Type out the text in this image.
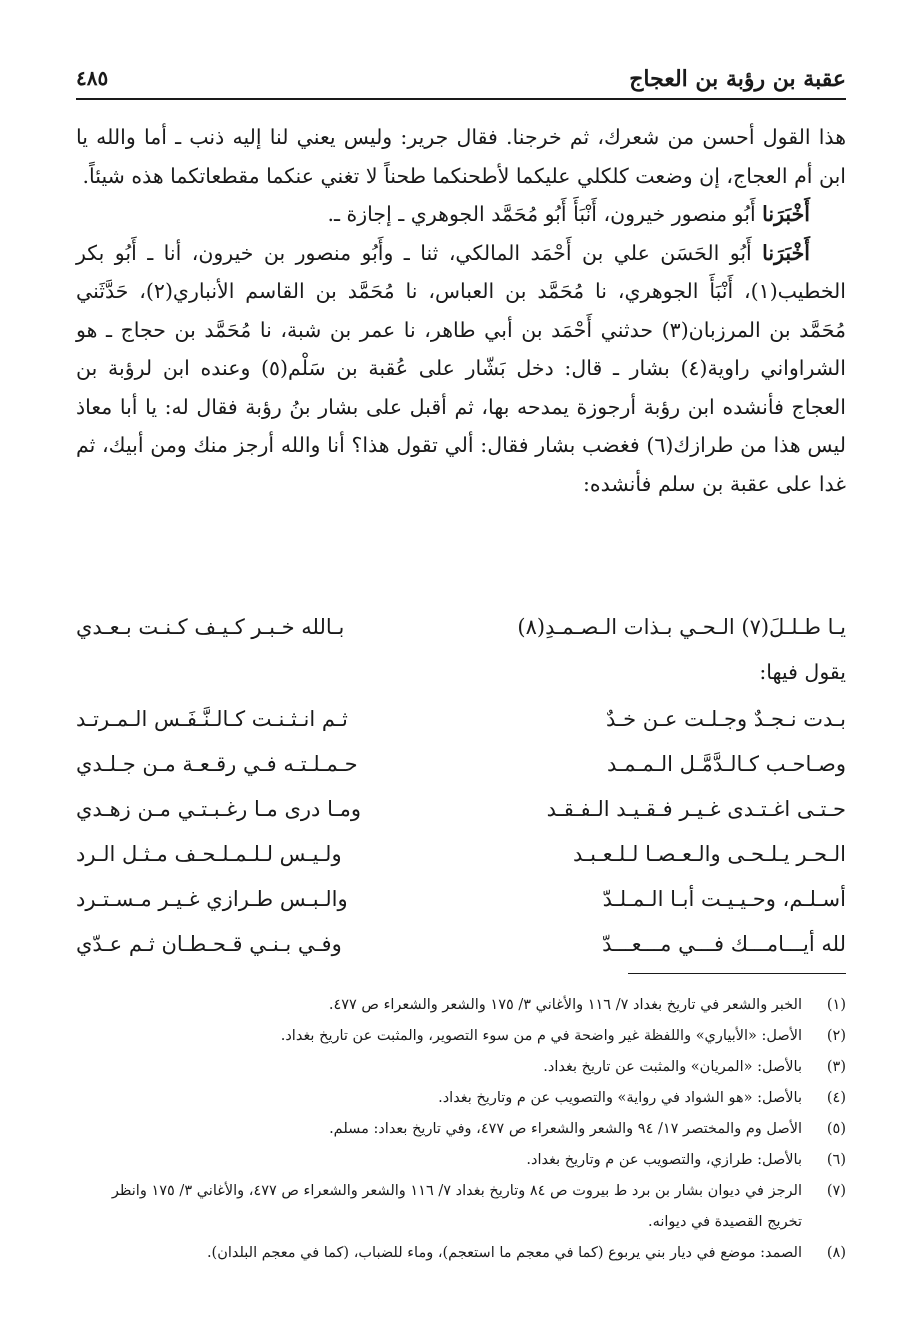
عقبة بن رؤبة بن العجاج
٤٨٥

هذا القول أحسن من شعرك، ثم خرجنا. فقال جرير: وليس يعني لنا إليه ذنب ـ أما والله يا ابن أم العجاج، إن وضعت كلكلي عليكما لأطحنكما طحناً لا تغني عنكما مقطعاتكما هذه شيئاً.

أَخْبَرَنا أَبُو منصور خيرون، أَنْبَأَ أَبُو مُحَمَّد الجوهري ـ إجازة ـ.

أَخْبَرَنا أَبُو الحَسَن علي بن أَحْمَد المالكي، ثنا ـ وأَبُو منصور بن خيرون، أنا ـ أَبُو بكر الخطيب(١)، أَنْبَأَ الجوهري، نا مُحَمَّد بن العباس، نا مُحَمَّد بن القاسم الأنباري(٢)، حَدَّثَني مُحَمَّد بن المرزبان(٣) حدثني أَحْمَد بن أبي طاهر، نا عمر بن شبة، نا مُحَمَّد بن حجاج ـ هو الشراواني راوية(٤) بشار ـ قال: دخل بَشّار على عُقبة بن سَلْم(٥) وعنده ابن لرؤبة بن العجاج فأنشده ابن رؤبة أرجوزة يمدحه بها، ثم أقبل على بشار بنُ رؤبة فقال له: يا أبا معاذ ليس هذا من طرازك(٦) فغضب بشار فقال: ألي تقول هذا؟ أنا والله أرجز منك ومن أبيك، ثم غدا على عقبة بن سلم فأنشده:

يـا طـلـلَ(٧) الـحـي بـذات الـصـمـدِ(٨)
بـالله خـبـر كـيـف كـنـت بـعـدي
يقول فيها:
بـدت نـجـدٌ وجـلـت عـن خـدٌ
ثـم انـثـنـت كـالـنَّـفَـس الـمـرتـد
وصـاحـب كـالـدَّمَّـل الـمـمـد
حـمـلـتـه فـي رقـعـة مـن جـلـدي
حـتـى اغـتـدى غـيـر فـقـيـد الـفـقـد
ومـا درى مـا رغـبـتـي مـن زهـدي
الـحـر يـلـحـى والـعـصـا لـلـعـبـد
ولـيـس لـلـمـلـحـف مـثـل الـرد
أسـلـم، وحـيـيـت أبـا الـمـلـدّ
والـبـس طـرازي غـيـر مـسـتـرد
لله أيـــامـــك فـــي مـــعـــدّ
وفـي بـنـي قـحـطـان ثـم عـدّي
(١)
الخبر والشعر في تاريخ بغداد ٧/ ١١٦ والأغاني ٣/ ١٧٥ والشعر والشعراء ص ٤٧٧.
(٢)
الأصل: «الأبياري» واللفظة غير واضحة في م من سوء التصوير، والمثبت عن تاريخ بغداد.
(٣)
بالأصل: «المريان» والمثبت عن تاريخ بغداد.
(٤)
بالأصل: «هو الشواد في رواية» والتصويب عن م وتاريخ بغداد.
(٥)
الأصل وم والمختصر ١٧/ ٩٤ والشعر والشعراء ص ٤٧٧، وفي تاريخ بعداد: مسلم.
(٦)
بالأصل: طرازي، والتصويب عن م وتاريخ بغداد.
(٧)
الرجز في ديوان بشار بن برد ط بيروت ص ٨٤ وتاريخ بغداد ٧/ ١١٦ والشعر والشعراء ص ٤٧٧، والأغاني ٣/ ١٧٥ وانظر تخريج القصيدة في ديوانه.
(٨)
الصمد: موضع في ديار بني يربوع (كما في معجم ما استعجم)، وماء للضباب، (كما في معجم البلدان).
